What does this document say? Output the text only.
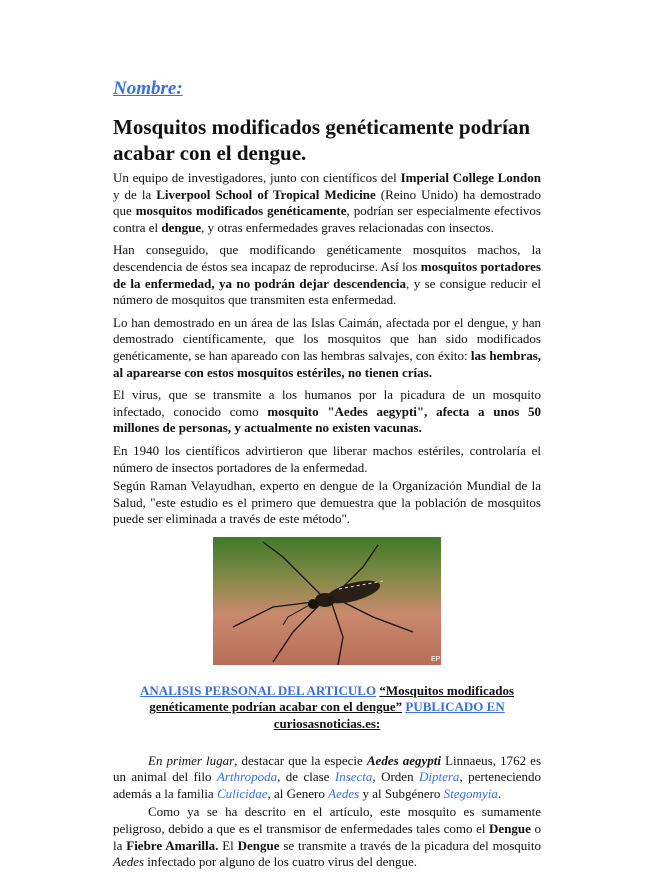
Nombre:
Mosquitos modificados genéticamente podrían acabar con el dengue.

Un equipo de investigadores, junto con científicos del Imperial College London y de la Liverpool School of Tropical Medicine (Reino Unido) ha demostrado que mosquitos modificados genéticamente, podrían ser especialmente efectivos contra el dengue, y otras enfermedades graves relacionadas con insectos.

Han conseguido, que modificando genéticamente mosquitos machos, la descendencia de éstos sea incapaz de reproducirse. Así los mosquitos portadores de la enfermedad, ya no podrán dejar descendencia, y se consigue reducir el número de mosquitos que transmiten esta enfermedad.

Lo han demostrado en un área de las Islas Caimán, afectada por el dengue, y han demostrado científicamente, que los mosquitos que han sido modificados genéticamente, se han apareado con las hembras salvajes, con éxito: las hembras, al aparearse con estos mosquitos estériles, no tienen crías.

El virus, que se transmite a los humanos por la picadura de un mosquito infectado, conocido como mosquito "Aedes aegypti", afecta a unos 50 millones de personas, y actualmente no existen vacunas.

En 1940 los científicos advirtieron que liberar machos estériles, controlaría el número de insectos portadores de la enfermedad.

Según Raman Velayudhan, experto en dengue de la Organización Mundial de la Salud, "este estudio es el primero que demuestra que la población de mosquitos puede ser eliminada a través de este método".

EP
ANALISIS PERSONAL DEL ARTICULO “Mosquitos modificados genéticamente podrían acabar con el dengue” PUBLICADO EN curiosasnoticias.es:

En primer lugar, destacar que la especie Aedes aegypti Linnaeus, 1762 es un animal del filo Arthropoda, de clase Insecta, Orden Diptera, perteneciendo además a la familia Culicidae, al Genero Aedes y al Subgénero Stegomyia.

Como ya se ha descrito en el artículo, este mosquito es sumamente peligroso, debido a que es el transmisor de enfermedades tales como el Dengue o la Fiebre Amarilla. El Dengue se transmite a través de la picadura del mosquito Aedes infectado por alguno de los cuatro virus del dengue.
